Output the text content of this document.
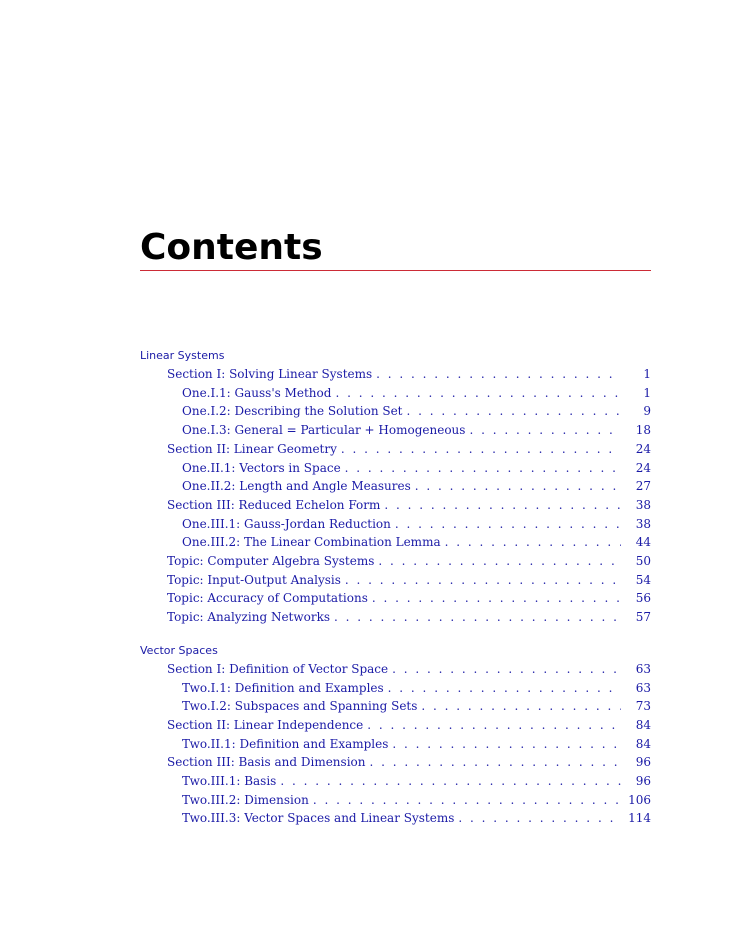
Contents
Linear Systems
Section I: Solving Linear Systems . . .	1
One.I.1: Gauss's Method . . .	1
One.I.2: Describing the Solution Set . . .	9
One.I.3: General = Particular + Homogeneous . . .	18
Section II: Linear Geometry . . .	24
One.II.1: Vectors in Space . . .	24
One.II.2: Length and Angle Measures . . .	27
Section III: Reduced Echelon Form . . .	38
One.III.1: Gauss-Jordan Reduction . . .	38
One.III.2: The Linear Combination Lemma . . .	44
Topic: Computer Algebra Systems . . .	50
Topic: Input-Output Analysis . . .	54
Topic: Accuracy of Computations . . .	56
Topic: Analyzing Networks . . .	57
Vector Spaces
Section I: Definition of Vector Space . . .	63
Two.I.1: Definition and Examples . . .	63
Two.I.2: Subspaces and Spanning Sets . . .	73
Section II: Linear Independence . . .	84
Two.II.1: Definition and Examples . . .	84
Section III: Basis and Dimension . . .	96
Two.III.1: Basis . . .	96
Two.III.2: Dimension . . .	106
Two.III.3: Vector Spaces and Linear Systems . . .	114
